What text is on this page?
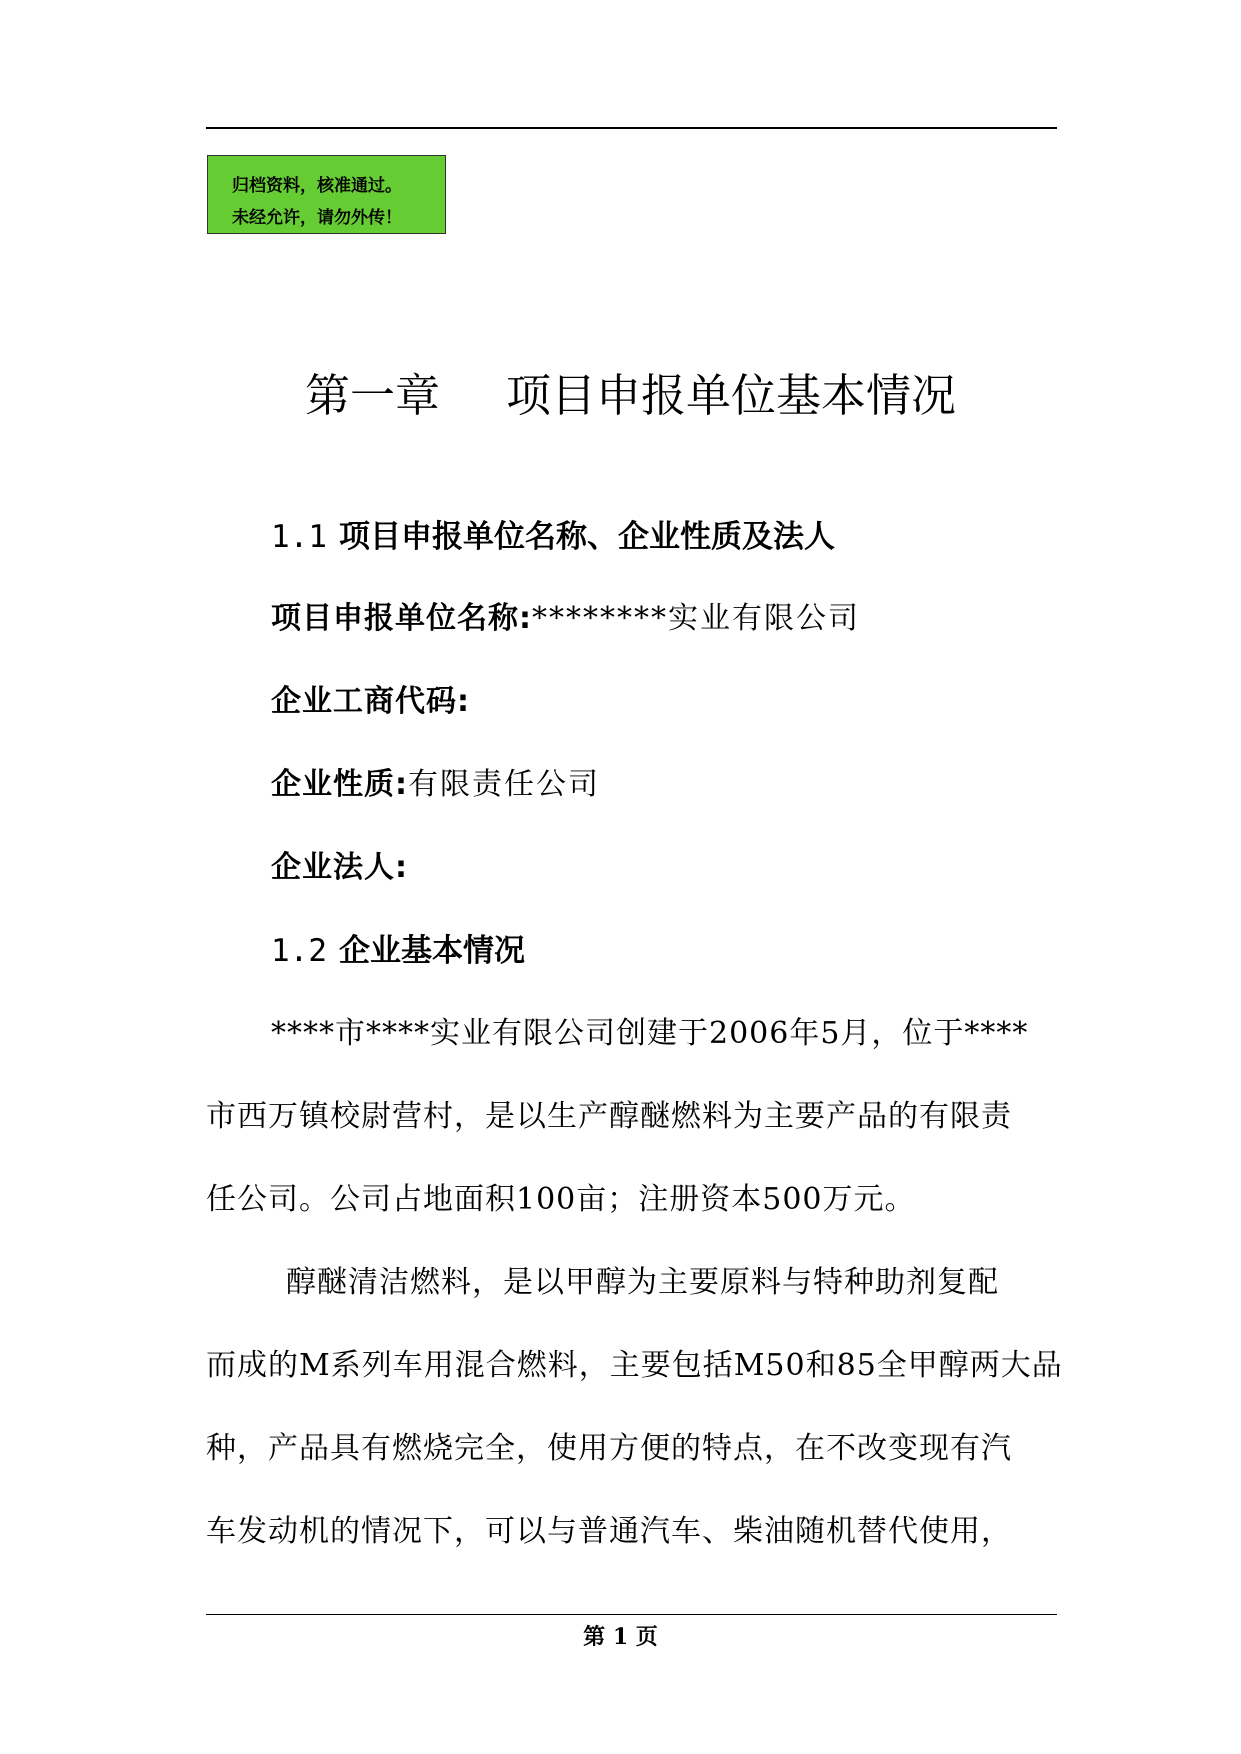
归档资料，核准通过。
未经允许，请勿外传！
第一章 项目申报单位基本情况
1.1 项目申报单位名称、企业性质及法人
项目申报单位名称:********实业有限公司
企业工商代码:
企业性质:有限责任公司
企业法人:
1.2 企业基本情况
****市****实业有限公司创建于2006年5月，位于****
市西万镇校尉营村，是以生产醇醚燃料为主要产品的有限责
任公司。公司占地面积100亩；注册资本500万元。
醇醚清洁燃料，是以甲醇为主要原料与特种助剂复配
而成的M系列车用混合燃料，主要包括M50和85全甲醇两大品
种，产品具有燃烧完全，使用方便的特点，在不改变现有汽
车发动机的情况下，可以与普通汽车、柴油随机替代使用，
第 1 页
